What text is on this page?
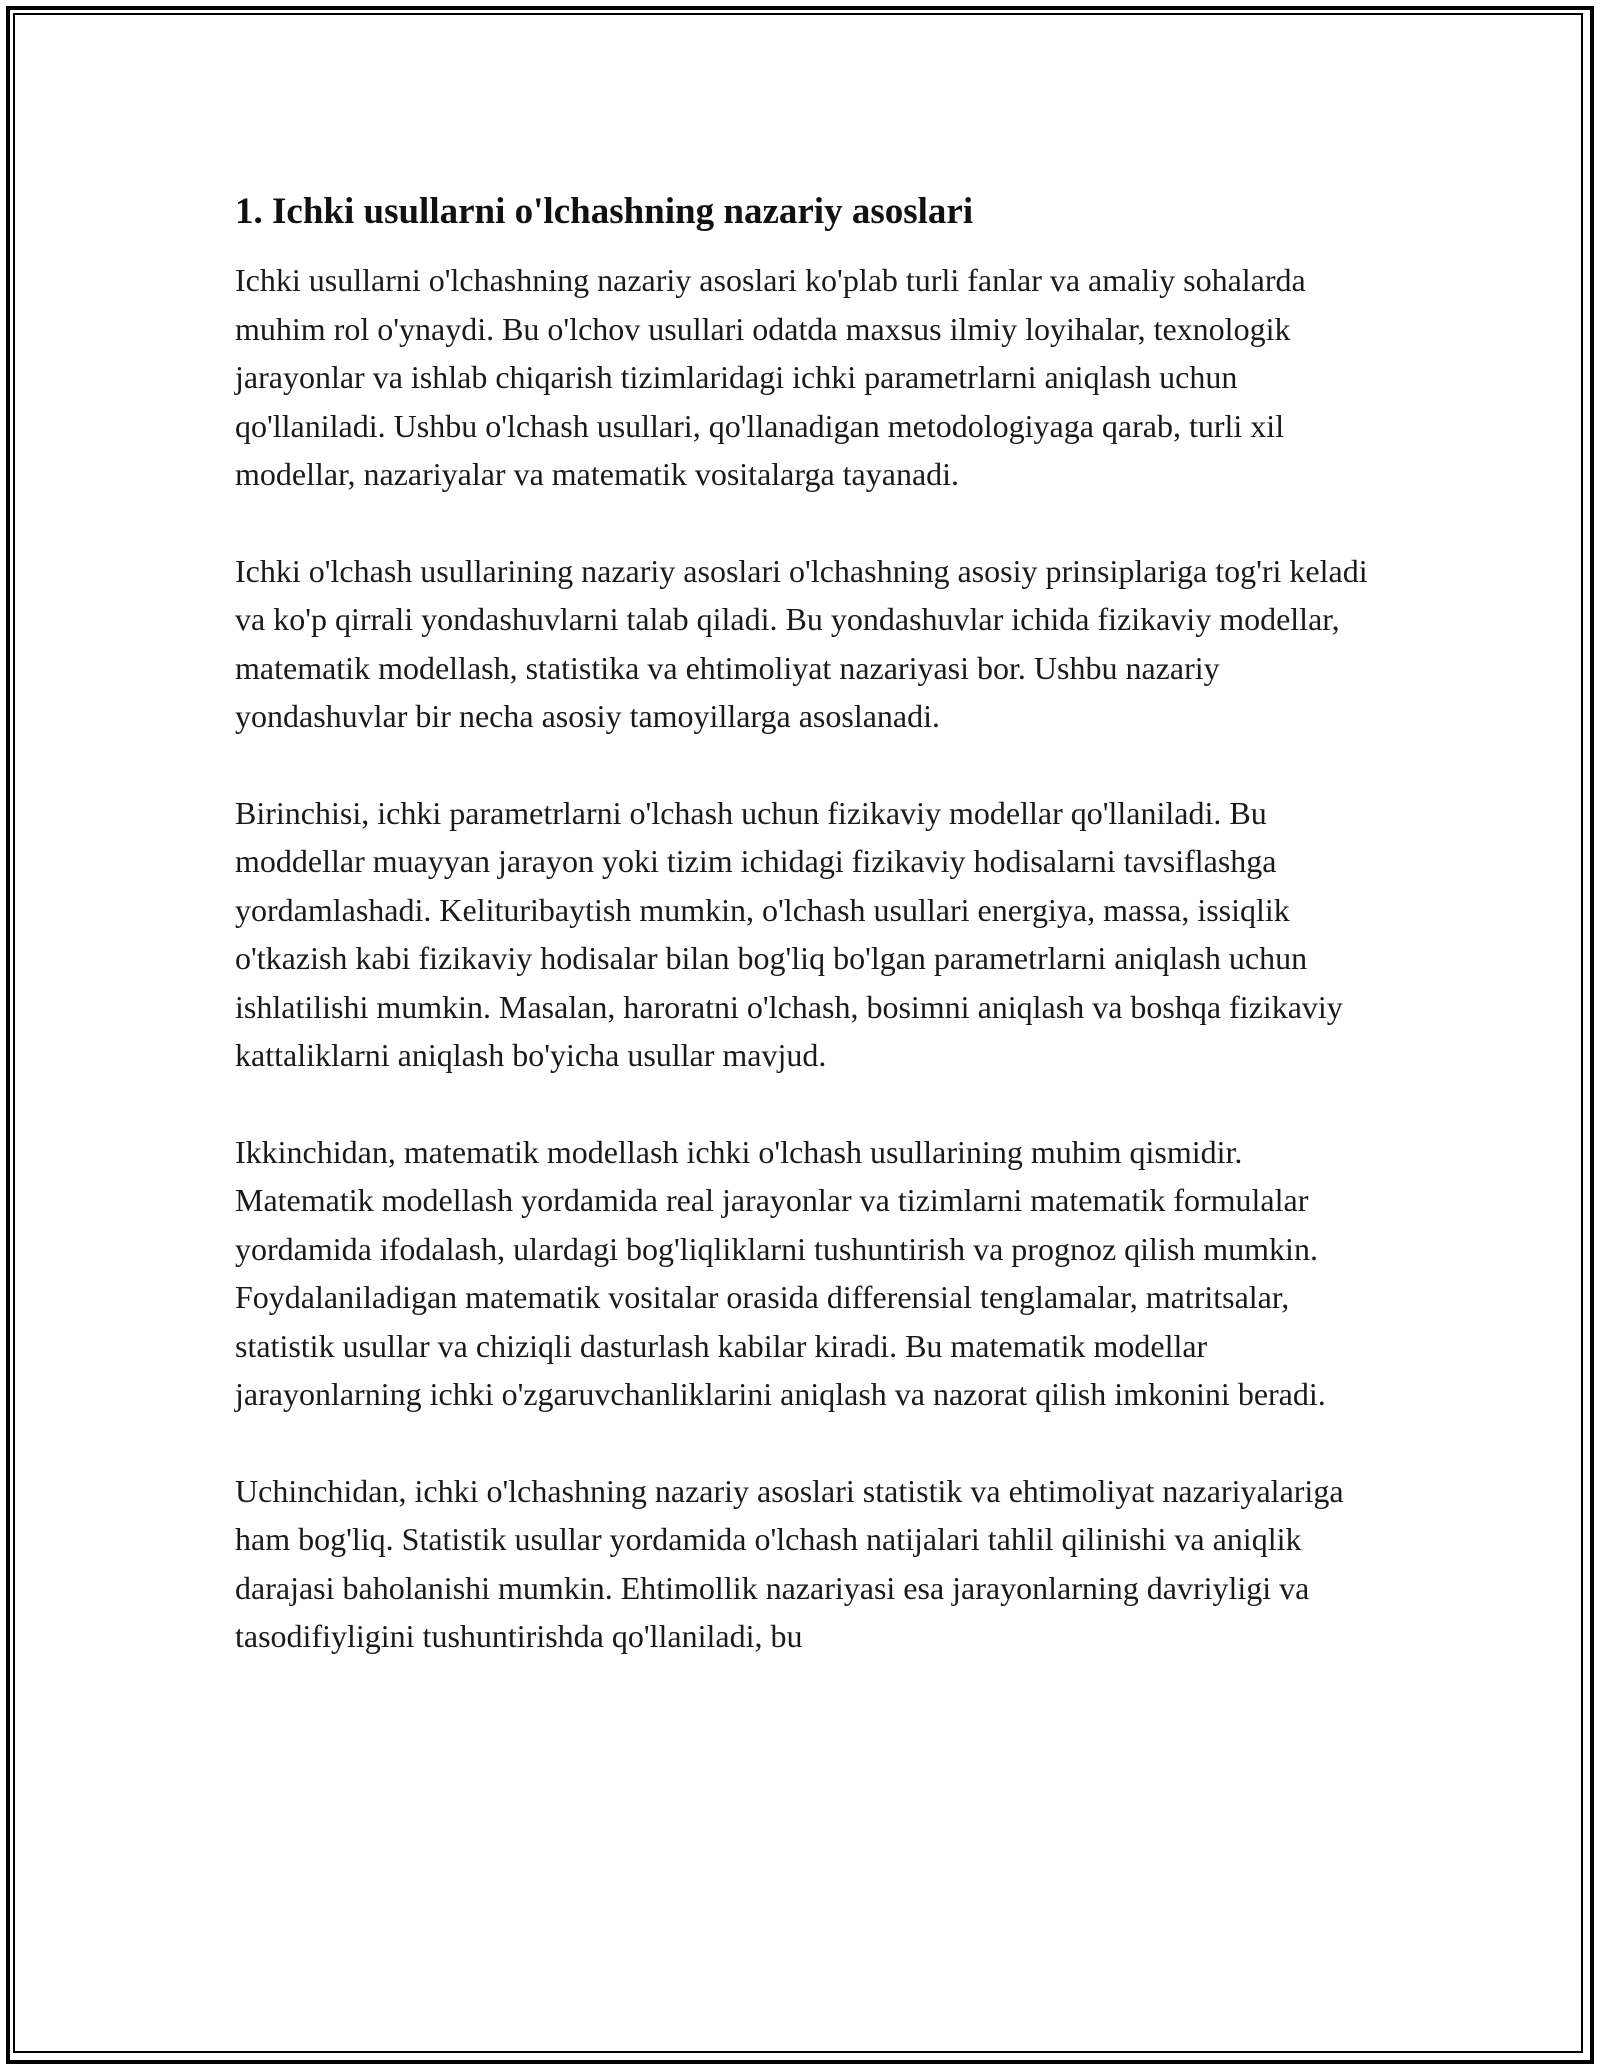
1. Ichki usullarni o'lchashning nazariy asoslari

Ichki usullarni o'lchashning nazariy asoslari ko'plab turli fanlar va amaliy sohalarda muhim rol o'ynaydi. Bu o'lchov usullari odatda maxsus ilmiy loyihalar, texnologik jarayonlar va ishlab chiqarish tizimlaridagi ichki parametrlarni aniqlash uchun qo'llaniladi. Ushbu o'lchash usullari, qo'llanadigan metodologiyaga qarab, turli xil modellar, nazariyalar va matematik vositalarga tayanadi.

Ichki o'lchash usullarining nazariy asoslari o'lchashning asosiy prinsiplariga tog'ri keladi va ko'p qirrali yondashuvlarni talab qiladi. Bu yondashuvlar ichida fizikaviy modellar, matematik modellash, statistika va ehtimoliyat nazariyasi bor. Ushbu nazariy yondashuvlar bir necha asosiy tamoyillarga asoslanadi.

Birinchisi, ichki parametrlarni o'lchash uchun fizikaviy modellar qo'llaniladi. Bu moddellar muayyan jarayon yoki tizim ichidagi fizikaviy hodisalarni tavsiflashga yordamlashadi. Kelituribaytish mumkin, o'lchash usullari energiya, massa, issiqlik o'tkazish kabi fizikaviy hodisalar bilan bog'liq bo'lgan parametrlarni aniqlash uchun ishlatilishi mumkin. Masalan, haroratni o'lchash, bosimni aniqlash va boshqa fizikaviy kattaliklarni aniqlash bo'yicha usullar mavjud.

Ikkinchidan, matematik modellash ichki o'lchash usullarining muhim qismidir. Matematik modellash yordamida real jarayonlar va tizimlarni matematik formulalar yordamida ifodalash, ulardagi bog'liqliklarni tushuntirish va prognoz qilish mumkin. Foydalaniladigan matematik vositalar orasida differensial tenglamalar, matritsalar, statistik usullar va chiziqli dasturlash kabilar kiradi. Bu matematik modellar jarayonlarning ichki o'zgaruvchanliklarini aniqlash va nazorat qilish imkonini beradi.

Uchinchidan, ichki o'lchashning nazariy asoslari statistik va ehtimoliyat nazariyalariga ham bog'liq. Statistik usullar yordamida o'lchash natijalari tahlil qilinishi va aniqlik darajasi baholanishi mumkin. Ehtimollik nazariyasi esa jarayonlarning davriyligi va tasodifiyligini tushuntirishda qo'llaniladi, bu
